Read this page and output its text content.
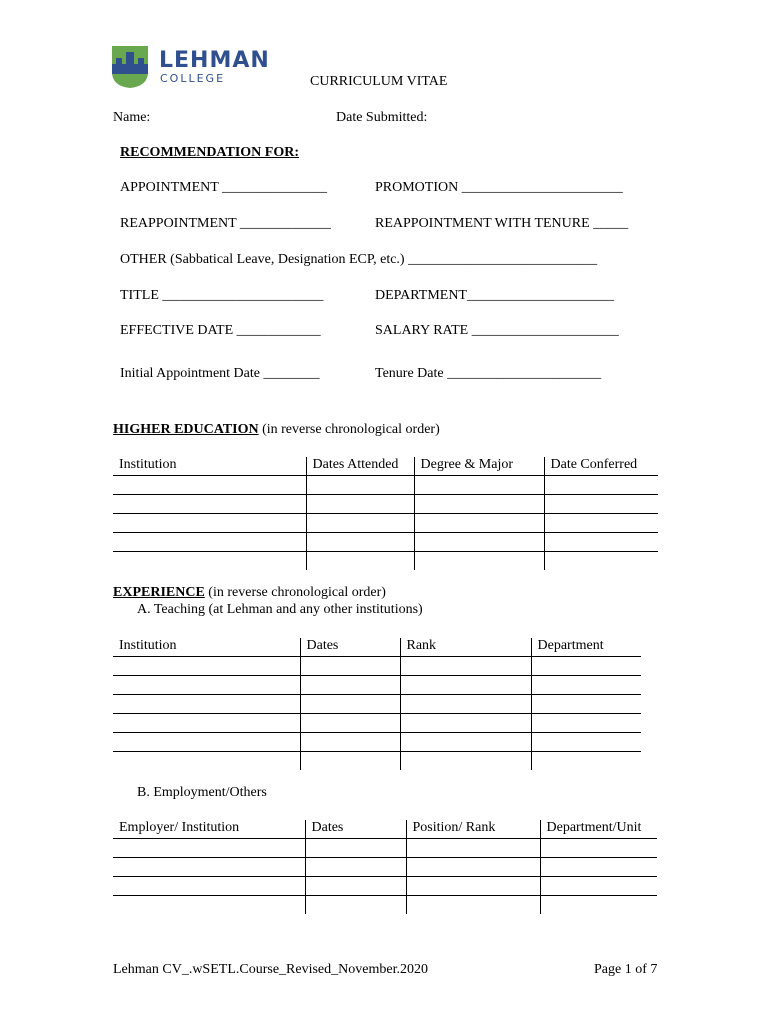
LEHMAN
COLLEGE	CURRICULUM VITAE
Name:	Date Submitted:
RECOMMENDATION FOR:
APPOINTMENT _______________	PROMOTION _______________________
REAPPOINTMENT _____________	REAPPOINTMENT WITH TENURE _____
OTHER (Sabbatical Leave, Designation ECP, etc.) ___________________________
TITLE _______________________	DEPARTMENT_____________________
EFFECTIVE DATE ____________	SALARY RATE _____________________
Initial Appointment Date ________	Tenure Date ______________________
HIGHER EDUCATION (in reverse chronological order)
Institution	Dates Attended	Degree & Major	Date Conferred

EXPERIENCE (in reverse chronological order)
A. Teaching (at Lehman and any other institutions)
Institution	Dates	Rank	Department

B. Employment/Others
Employer/ Institution	Dates	Position/ Rank	Department/Unit

Lehman CV_.wSETL.Course_Revised_November.2020	Page 1 of 7
